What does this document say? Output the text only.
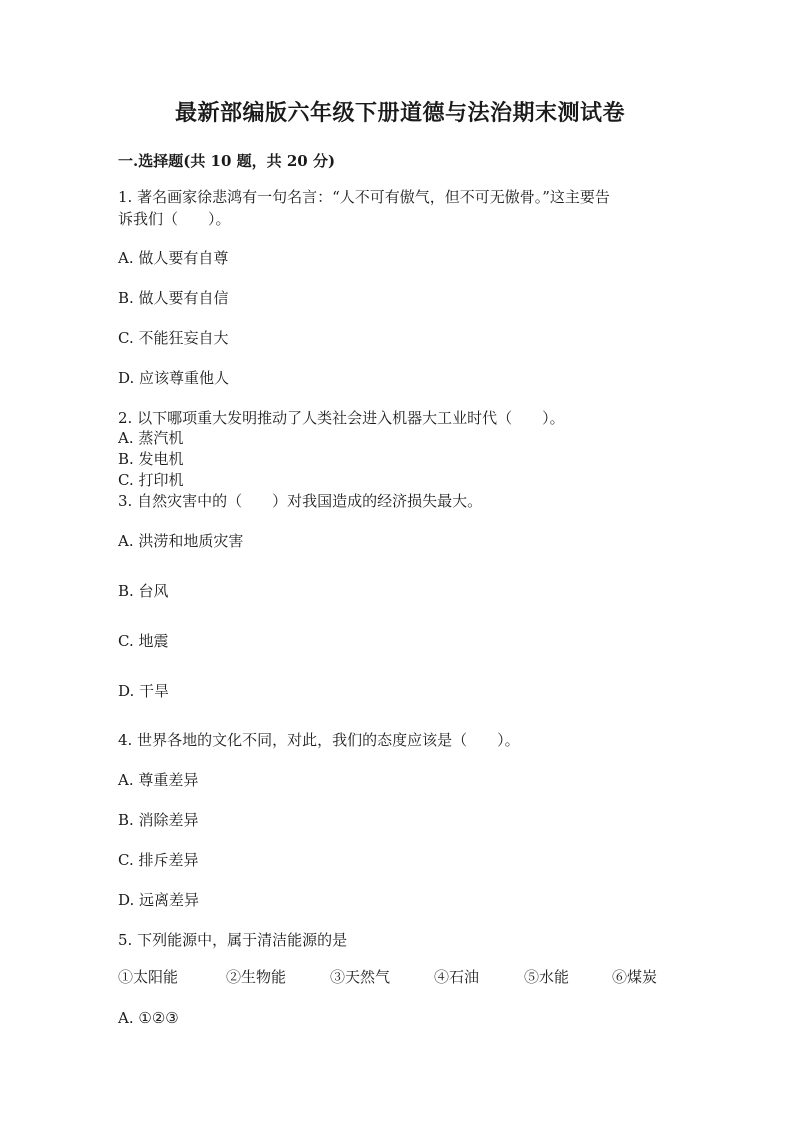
最新部编版六年级下册道德与法治期末测试卷
一.选择题(共 10 题，共 20 分)
1. 著名画家徐悲鸿有一句名言：“人不可有傲气，但不可无傲骨。”这主要告
诉我们（　　）。
A. 做人要有自尊
B. 做人要有自信
C. 不能狂妄自大
D. 应该尊重他人
2. 以下哪项重大发明推动了人类社会进入机器大工业时代（　　）。
A. 蒸汽机
B. 发电机
C. 打印机
3. 自然灾害中的（　　）对我国造成的经济损失最大。
A. 洪涝和地质灾害
B. 台风
C. 地震
D. 干旱
4. 世界各地的文化不同，对此，我们的态度应该是（　　）。
A. 尊重差异
B. 消除差异
C. 排斥差异
D. 远离差异
5. 下列能源中，属于清洁能源的是
①太阳能	②生物能	③天然气	④石油	⑤水能	⑥煤炭
A. ①②③
